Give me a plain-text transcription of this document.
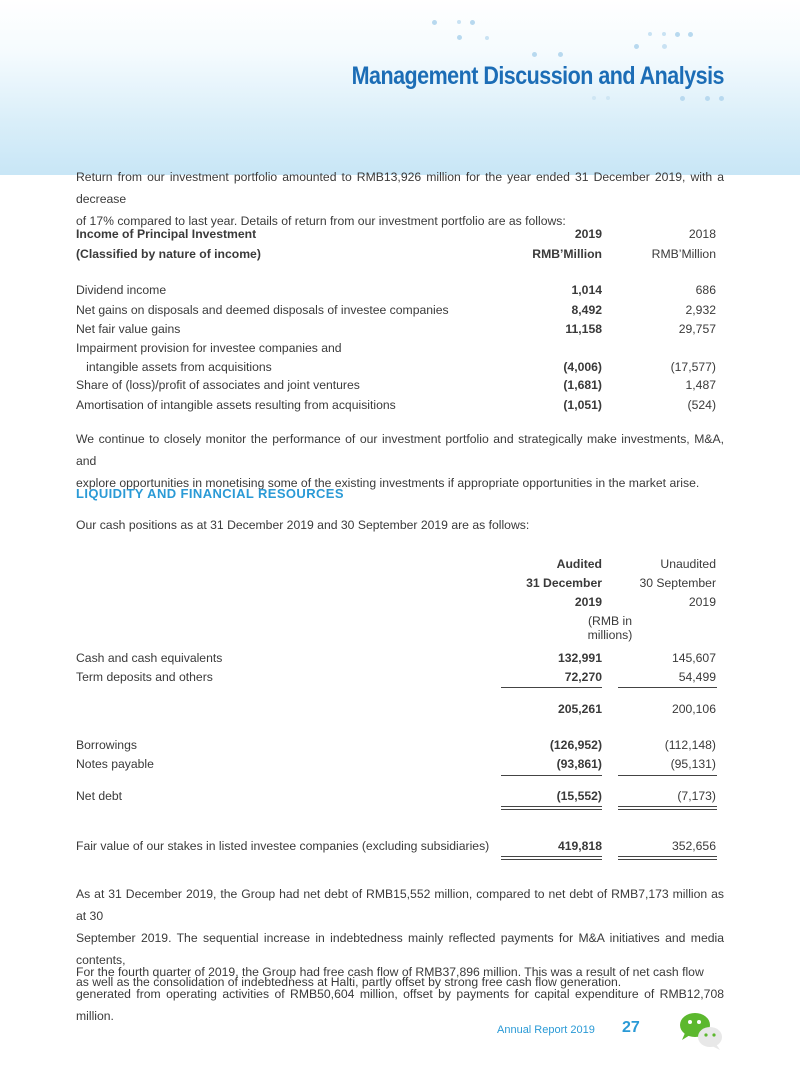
Management Discussion and Analysis
Return from our investment portfolio amounted to RMB13,926 million for the year ended 31 December 2019, with a decrease
of 17% compared to last year. Details of return from our investment portfolio are as follows:
Income of Principal Investment	2019	2018
(Classified by nature of income)	RMB’Million	RMB’Million
Dividend income	1,014	686
Net gains on disposals and deemed disposals of investee companies	8,492	2,932
Net fair value gains	11,158	29,757
Impairment provision for investee companies and
intangible assets from acquisitions	(4,006)	(17,577)
Share of (loss)/profit of associates and joint ventures	(1,681)	1,487
Amortisation of intangible assets resulting from acquisitions	(1,051)	(524)
We continue to closely monitor the performance of our investment portfolio and strategically make investments, M&A, and
explore opportunities in monetising some of the existing investments if appropriate opportunities in the market arise.
LIQUIDITY AND FINANCIAL RESOURCES
Our cash positions as at 31 December 2019 and 30 September 2019 are as follows:
Audited	Unaudited
31 December	30 September
2019	2019
(RMB in millions)
Cash and cash equivalents	132,991	145,607
Term deposits and others	72,270	54,499
205,261	200,106
Borrowings	(126,952)	(112,148)
Notes payable	(93,861)	(95,131)
Net debt	(15,552)	(7,173)
Fair value of our stakes in listed investee companies (excluding subsidiaries)	419,818	352,656
As at 31 December 2019, the Group had net debt of RMB15,552 million, compared to net debt of RMB7,173 million as at 30
September 2019. The sequential increase in indebtedness mainly reflected payments for M&A initiatives and media contents,
as well as the consolidation of indebtedness at Halti, partly offset by strong free cash flow generation.
For the fourth quarter of 2019, the Group had free cash flow of RMB37,896 million. This was a result of net cash flow
generated from operating activities of RMB50,604 million, offset by payments for capital expenditure of RMB12,708 million.
Annual Report 2019 27
